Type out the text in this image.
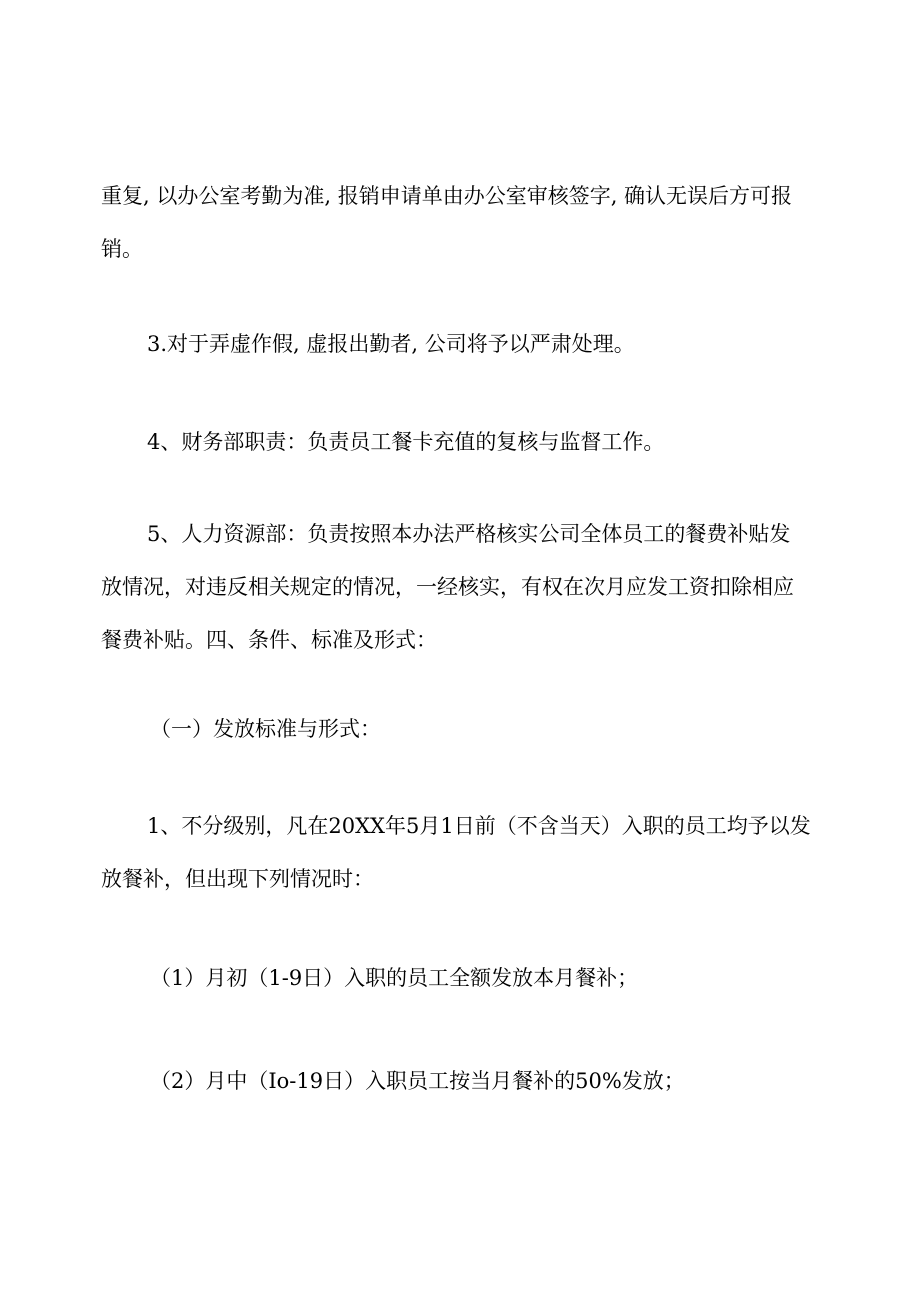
重复, 以办公室考勤为准, 报销申请单由办公室审核签字, 确认无误后方可报
销。

3.对于弄虚作假, 虚报出勤者, 公司将予以严肃处理。

4、财务部职责：负责员工餐卡充值的复核与监督工作。

5、人力资源部：负责按照本办法严格核实公司全体员工的餐费补贴发
放情况，对违反相关规定的情况，一经核实，有权在次月应发工资扣除相应
餐费补贴。四、条件、标准及形式：

（一）发放标准与形式：

1、不分级别，凡在20XX年5月1日前（不含当天）入职的员工均予以发
放餐补，但出现下列情况时：

（1）月初（1-9日）入职的员工全额发放本月餐补；

（2）月中（Io-19日）入职员工按当月餐补的50%发放；
